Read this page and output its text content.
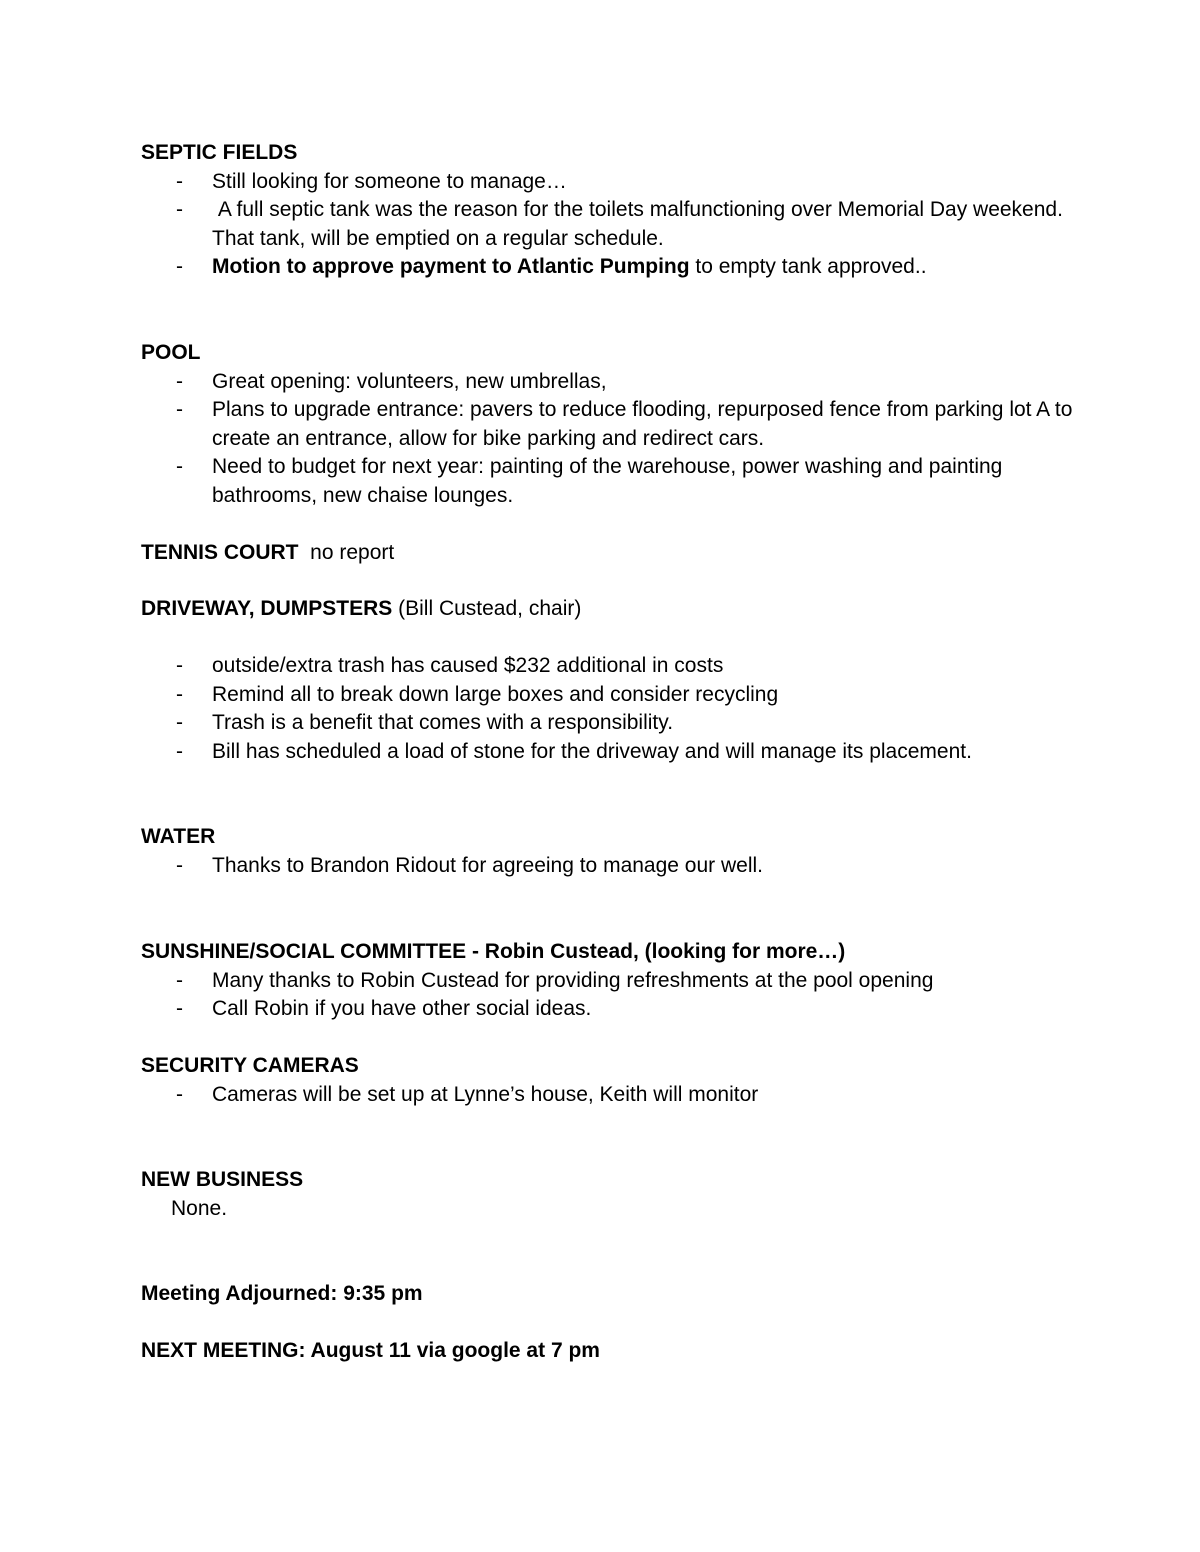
SEPTIC FIELDS
- Still looking for someone to manage…
- A full septic tank was the reason for the toilets malfunctioning over Memorial Day weekend. That tank, will be emptied on a regular schedule.
- Motion to approve payment to Atlantic Pumping to empty tank approved..
POOL
- Great opening: volunteers, new umbrellas,
- Plans to upgrade entrance: pavers to reduce flooding, repurposed fence from parking lot A to create an entrance, allow for bike parking and redirect cars.
- Need to budget for next year: painting of the warehouse, power washing and painting bathrooms, new chaise lounges.
TENNIS COURT  no report
DRIVEWAY, DUMPSTERS (Bill Custead, chair)
- outside/extra trash has caused $232 additional in costs
- Remind all to break down large boxes and consider recycling
- Trash is a benefit that comes with a responsibility.
- Bill has scheduled a load of stone for the driveway and will manage its placement.
WATER
- Thanks to Brandon Ridout for agreeing to manage our well.
SUNSHINE/SOCIAL COMMITTEE - Robin Custead, (looking for more…)
- Many thanks to Robin Custead for providing refreshments at the pool opening
- Call Robin if you have other social ideas.
SECURITY CAMERAS
- Cameras will be set up at Lynne’s house, Keith will monitor
NEW BUSINESS
None.
Meeting Adjourned: 9:35 pm
NEXT MEETING: August 11 via google at 7 pm
